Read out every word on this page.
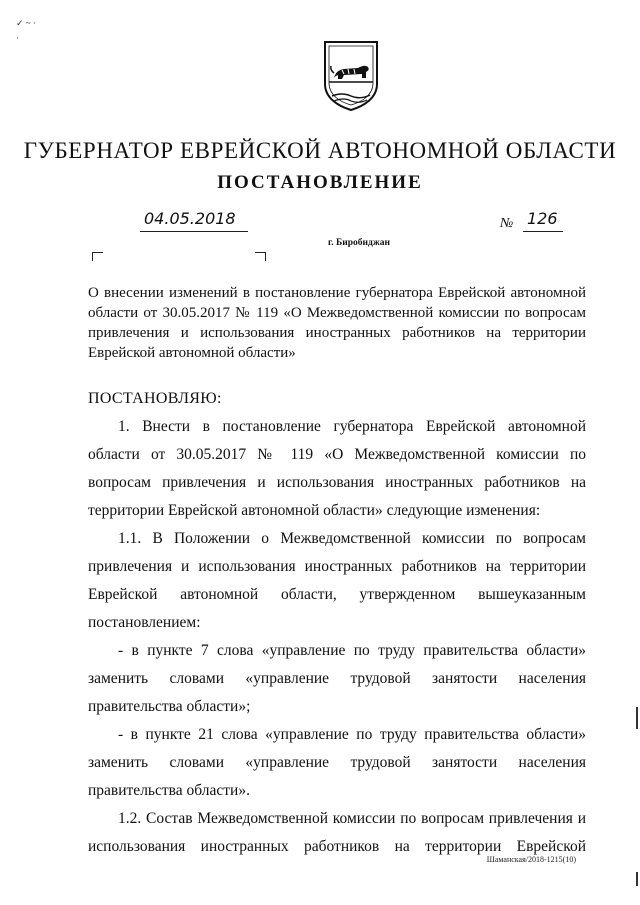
✓ ~ ·
·
ГУБЕРНАТОР ЕВРЕЙСКОЙ АВТОНОМНОЙ ОБЛАСТИ
ПОСТАНОВЛЕНИЕ
04.05.2018	№ 126
г. Биробиджан
О внесении изменений в постановление губернатора Еврейской автономной области от 30.05.2017 № 119 «О Межведомственной комиссии по вопросам привлечения и использования иностранных работников на территории Еврейской автономной области»
ПОСТАНОВЛЯЮ:

1. Внести в постановление губернатора Еврейской автономной области от 30.05.2017 № 119 «О Межведомственной комиссии по вопросам привлечения и использования иностранных работников на территории Еврейской автономной области» следующие изменения:

1.1. В Положении о Межведомственной комиссии по вопросам привлечения и использования иностранных работников на территории Еврейской автономной области, утвержденном вышеуказанным постановлением:

- в пункте 7 слова «управление по труду правительства области» заменить словами «управление трудовой занятости населения правительства области»;

- в пункте 21 слова «управление по труду правительства области» заменить словами «управление трудовой занятости населения правительства области».

1.2. Состав Межведомственной комиссии по вопросам привлечения и использования иностранных работников на территории Еврейской

Шаманская/2018-1215(10)
